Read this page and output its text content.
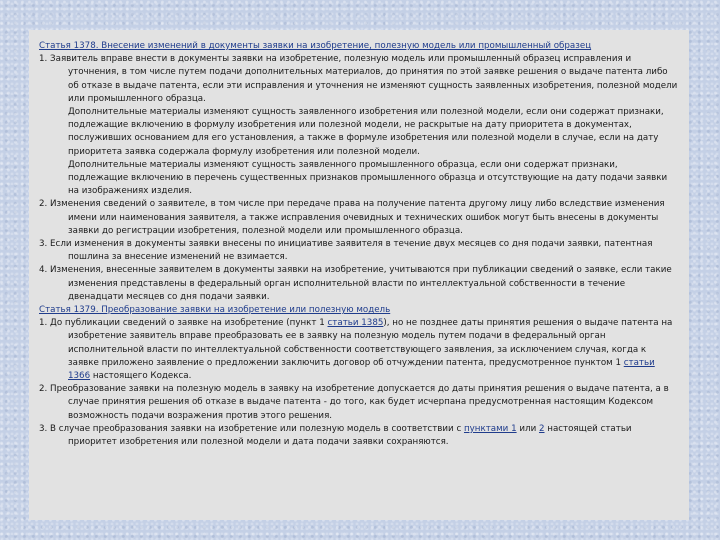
Статья 1378. Внесение изменений в документы заявки на изобретение, полезную модель или промышленный образец
1. Заявитель вправе внести в документы заявки на изобретение, полезную модель или промышленный образец исправления и уточнения, в том числе путем подачи дополнительных материалов, до принятия по этой заявке решения о выдаче патента либо об отказе в выдаче патента, если эти исправления и уточнения не изменяют сущность заявленных изобретения, полезной модели или промышленного образца.
Дополнительные материалы изменяют сущность заявленного изобретения или полезной модели, если они содержат признаки, подлежащие включению в формулу изобретения или полезной модели, не раскрытые на дату приоритета в документах, послуживших основанием для его установления, а также в формуле изобретения или полезной модели в случае, если на дату приоритета заявка содержала формулу изобретения или полезной модели.
Дополнительные материалы изменяют сущность заявленного промышленного образца, если они содержат признаки, подлежащие включению в перечень существенных признаков промышленного образца и отсутствующие на дату подачи заявки на изображениях изделия.
2. Изменения сведений о заявителе, в том числе при передаче права на получение патента другому лицу либо вследствие изменения имени или наименования заявителя, а также исправления очевидных и технических ошибок могут быть внесены в документы заявки до регистрации изобретения, полезной модели или промышленного образца.
3. Если изменения в документы заявки внесены по инициативе заявителя в течение двух месяцев со дня подачи заявки, патентная пошлина за внесение изменений не взимается.
4. Изменения, внесенные заявителем в документы заявки на изобретение, учитываются при публикации сведений о заявке, если такие изменения представлены в федеральный орган исполнительной власти по интеллектуальной собственности в течение двенадцати месяцев со дня подачи заявки.
Статья 1379. Преобразование заявки на изобретение или полезную модель
1. До публикации сведений о заявке на изобретение (пункт 1 статьи 1385), но не позднее даты принятия решения о выдаче патента на изобретение заявитель вправе преобразовать ее в заявку на полезную модель путем подачи в федеральный орган исполнительной власти по интеллектуальной собственности соответствующего заявления, за исключением случая, когда к заявке приложено заявление о предложении заключить договор об отчуждении патента, предусмотренное пунктом 1 статьи 1366 настоящего Кодекса.
2. Преобразование заявки на полезную модель в заявку на изобретение допускается до даты принятия решения о выдаче патента, а в случае принятия решения об отказе в выдаче патента - до того, как будет исчерпана предусмотренная настоящим Кодексом возможность подачи возражения против этого решения.
3. В случае преобразования заявки на изобретение или полезную модель в соответствии с пунктами 1 или 2 настоящей статьи приоритет изобретения или полезной модели и дата подачи заявки сохраняются.
